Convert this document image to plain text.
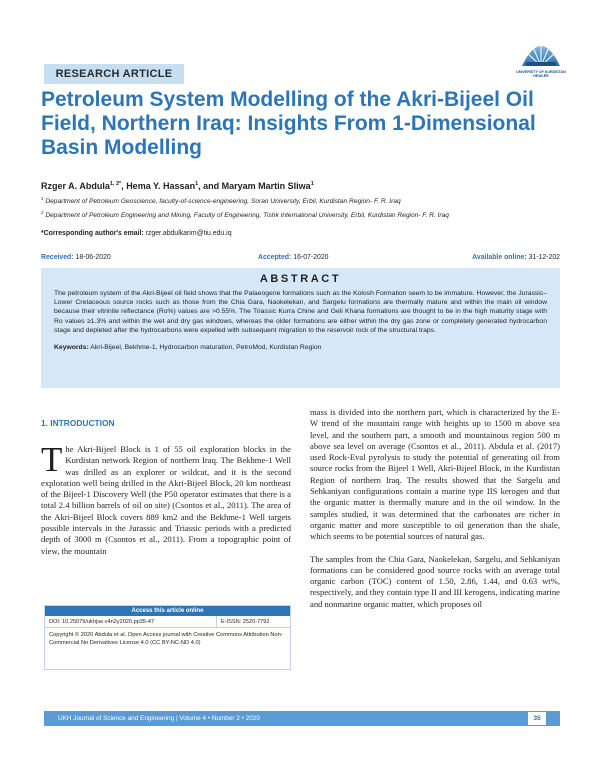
UNIVERSITY OF KURDISTAN HEWLÊR
RESEARCH ARTICLE
Petroleum System Modelling of the Akri-Bijeel Oil Field, Northern Iraq: Insights From 1-Dimensional Basin Modelling
Rzger A. Abdula$^{1, 2*}$, Hema Y. Hassan$^1$, and Maryam Martin Sliwa$^1$
$^1$ Department of Petroleum Geoscience, faculty-of-science-engineering, Soran University, Erbil, Kurdistan Region- F. R. Iraq
$^2$ Department of Petroleum Engineering and Mining, Faculty of Engineering, Tishk International University, Erbil, Kurdistan Region- F. R. Iraq
*Corresponding author's email: rzger.abdulkarim@tiu.edu.iq
Received: 18-06-2020	Accepted: 16-07-2020	Available online: 31-12-202
ABSTRACT

The petroleum system of the Akri-Bijeel oil field shows that the Palaeogene formations such as the Kolosh Formation seem to be immature. However, the Jurassic–Lower Cretaceous source rocks such as those from the Chia Gara, Naokelekan, and Sargelu formations are thermally mature and within the main oil window because their vitrinite reflectance (Ro%) values are >0.55%. The Triassic Kurra Chine and Geli Khana formations are thought to be in the high maturity stage with Ro values ≥1.3% and within the wet and dry gas windows, whereas the older formations are either within the dry gas zone or completely generated hydrocarbon stage and depleted after the hydrocarbons were expelled with subsequent migration to the reservoir rock of the structural traps.

Keywords: Akri-Bijeel, Bekhme-1, Hydrocarbon maturation, PetroMod, Kurdistan Region

1. INTRODUCTION
The Akri-Bijeel Block is 1 of 55 oil exploration blocks in the Kurdistan network Region of northern Iraq. The Bekhme-1 Well was drilled as an explorer or wildcat, and it is the second exploration well being drilled in the Akri-Bijeel Block, 20 km northeast of the Bijeel-1 Discovery Well (the P50 operator estimates that there is a total 2.4 billion barrels of oil on site) (Csontos et al., 2011). The area of the Akri-Bijeel Block covers 889 km2 and the Bekhme-1 Well targets possible intervals in the Jurassic and Triassic periods with a predicted depth of 3000 m (Csontos et al., 2011). From a topographic point of view, the mountain

mass is divided into the northern part, which is characterized by the E-W trend of the mountain range with heights up to 1500 m above sea level, and the southern part, a smooth and mountainous region 500 m above sea level on average (Csontos et al., 2011). Abdula et al. (2017) used Rock-Eval pyrolysis to study the potential of generating oil from source rocks from the Bijeel 1 Well, Akri-Bijeel Block, in the Kurdistan Region of northern Iraq. The results showed that the Sargelu and Sehkaniyan configurations contain a marine type IIS kerogen and that the organic matter is thermally mature and in the oil window. In the samples studied, it was determined that the carbonates are richer in organic matter and more susceptible to oil generation than the shale, which seems to be potential sources of natural gas.

The samples from the Chia Gara, Naokelekan, Sargelu, and Sehkaniyan formations can be considered good source rocks with an average total organic carbon (TOC) content of 1.50, 2.86, 1.44, and 0.63 wt%, respectively, and they contain type II and III kerogens, indicating marine and nonmarine organic matter, which proposes oil

Access this article online
DOI: 10.25079/ukhjse.v4n2y2020.pp35-47	E-ISSN: 2520-7792
Copyright © 2020 Abdula et al. Open Access journal with Creative Commons Attribution Non-Commercial No Derivatives License 4.0 (CC BY-NC-ND 4.0)
UKH Journal of Science and Engineering | Volume 4 • Number 2 • 2020	35
